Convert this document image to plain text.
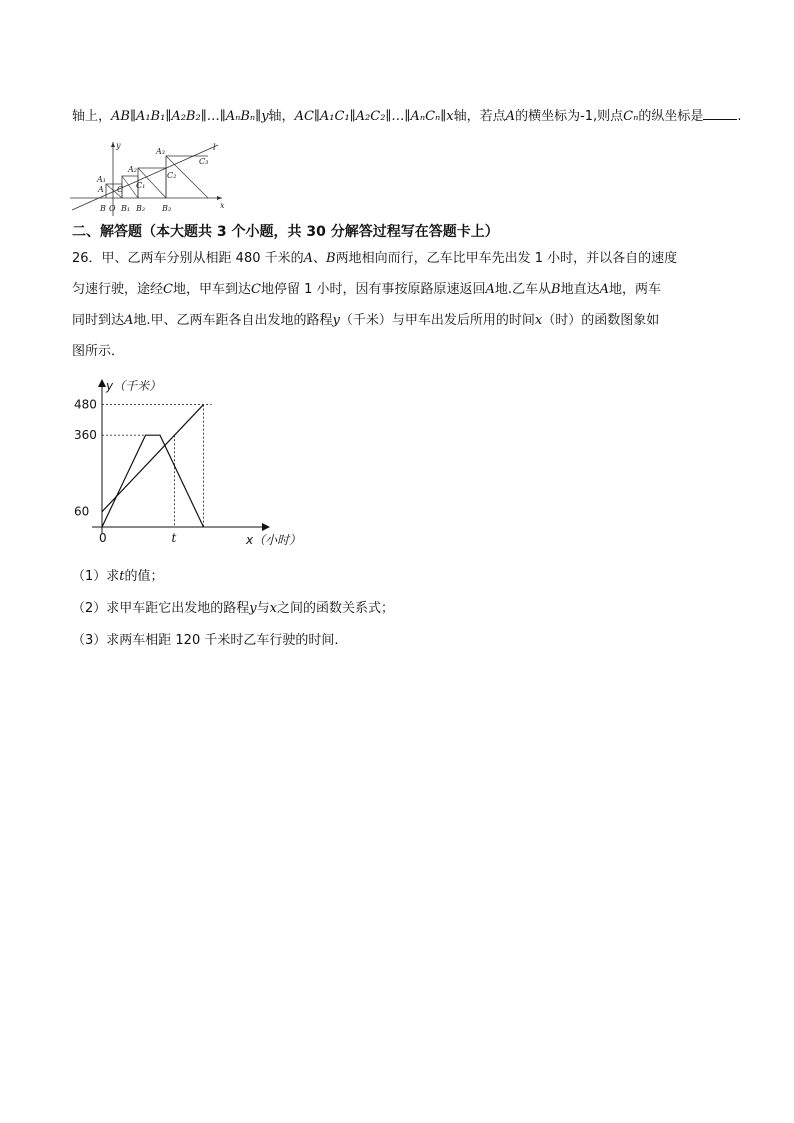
轴上，AB∥A₁B₁∥A₂B₂∥…∥AₙBₙ∥y轴，AC∥A₁C₁∥A₂C₂∥…∥AₙCₙ∥x轴，若点A的横坐标为-1,则点Cₙ的纵坐标是	.
y
x
l
A₁
A₂
A₃
A C C₁
C₂
C₃
B O B₁ B₂ B₃
二、解答题（本大题共 3 个小题，共 30 分解答过程写在答题卡上）
26．甲、乙两车分别从相距 480 千米的A、B两地相向而行，乙车比甲车先出发 1 小时，并以各自的速度
匀速行驶，途经C地，甲车到达C地停留 1 小时，因有事按原路原速返回A地.乙车从B地直达A地，两车
同时到达A地.甲、乙两车距各自出发地的路程y（千米）与甲车出发后所用的时间x（时）的函数图象如
图所示．
y（千米）
x（小时）
480
360
60
0	t
（1）求t的值；
（2）求甲车距它出发地的路程y与x之间的函数关系式；
（3）求两车相距 120 千米时乙车行驶的时间.
